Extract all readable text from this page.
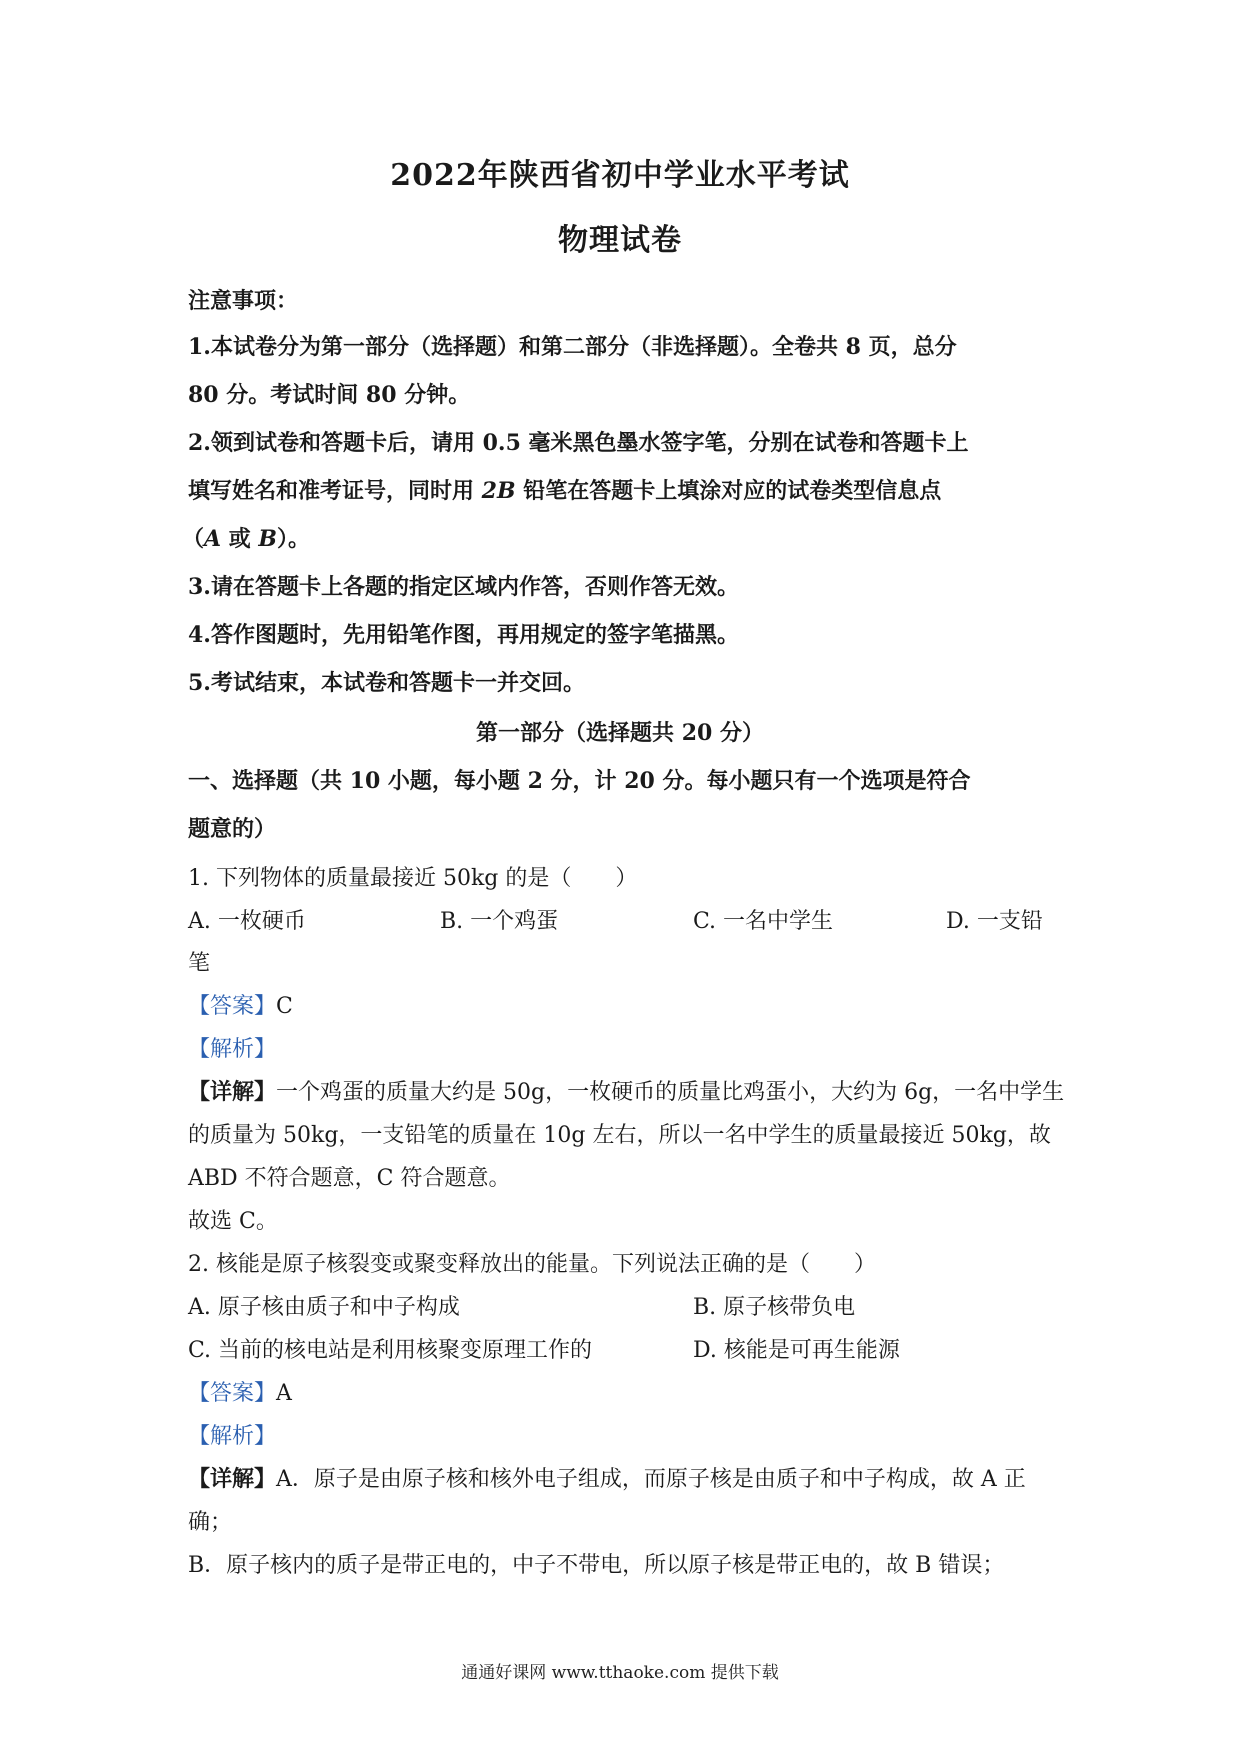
2022年陕西省初中学业水平考试
物理试卷
注意事项：
1.本试卷分为第一部分（选择题）和第二部分（非选择题）。全卷共 8 页，总分
80 分。考试时间 80 分钟。
2.领到试卷和答题卡后，请用 0.5 毫米黑色墨水签字笔，分别在试卷和答题卡上
填写姓名和准考证号，同时用 2B 铅笔在答题卡上填涂对应的试卷类型信息点
（A 或 B）。
3.请在答题卡上各题的指定区域内作答，否则作答无效。
4.答作图题时，先用铅笔作图，再用规定的签字笔描黑。
5.考试结束，本试卷和答题卡一并交回。
第一部分（选择题共 20 分）
一、选择题（共 10 小题，每小题 2 分，计 20 分。每小题只有一个选项是符合
题意的）
1. 下列物体的质量最接近 50kg 的是（　　）
A. 一枚硬币	B. 一个鸡蛋	C. 一名中学生	D. 一支铅
笔
【答案】C
【解析】
【详解】一个鸡蛋的质量大约是 50g，一枚硬币的质量比鸡蛋小，大约为 6g，一名中学生
的质量为 50kg，一支铅笔的质量在 10g 左右，所以一名中学生的质量最接近 50kg，故
ABD 不符合题意，C 符合题意。
故选 C。
2. 核能是原子核裂变或聚变释放出的能量。下列说法正确的是（　　）
A. 原子核由质子和中子构成	B. 原子核带负电
C. 当前的核电站是利用核聚变原理工作的	D. 核能是可再生能源
【答案】A
【解析】
【详解】A．原子是由原子核和核外电子组成，而原子核是由质子和中子构成，故 A 正
确；
B．原子核内的质子是带正电的，中子不带电，所以原子核是带正电的，故 B 错误；
通通好课网 www.tthaoke.com 提供下载
